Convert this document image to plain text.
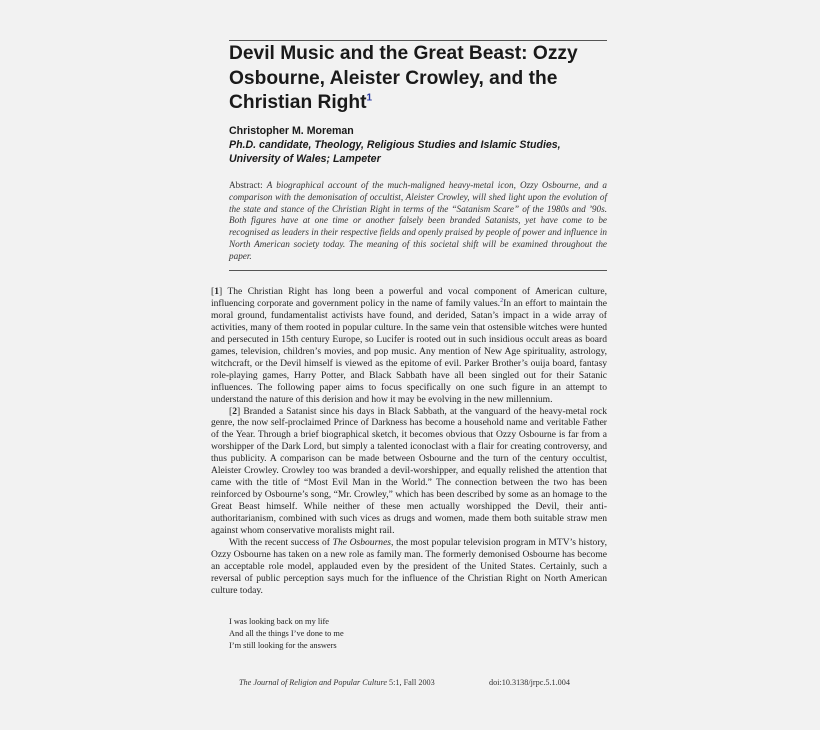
Devil Music and the Great Beast: Ozzy Osbourne, Aleister Crowley, and the Christian Right$^1$
Christopher M. Moreman
Ph.D. candidate, Theology, Religious Studies and Islamic Studies,
University of Wales; Lampeter
Abstract: A biographical account of the much-maligned heavy-metal icon, Ozzy Osbourne, and a comparison with the demonisation of occultist, Aleister Crowley, will shed light upon the evolution of the state and stance of the Christian Right in terms of the “Satanism Scare” of the 1980s and ’90s. Both figures have at one time or another falsely been branded Satanists, yet have come to be recognised as leaders in their respective fields and openly praised by people of power and influence in North American society today. The meaning of this societal shift will be examined throughout the paper.

[1] The Christian Right has long been a powerful and vocal component of American culture, influencing corporate and government policy in the name of family values.$^2$In an effort to maintain the moral ground, fundamentalist activists have found, and derided, Satan’s impact in a wide array of activities, many of them rooted in popular culture. In the same vein that ostensible witches were hunted and persecuted in 15th century Europe, so Lucifer is rooted out in such insidious occult areas as board games, television, children’s movies, and pop music. Any mention of New Age spirituality, astrology, witchcraft, or the Devil himself is viewed as the epitome of evil. Parker Brother’s ouija board, fantasy role-playing games, Harry Potter, and Black Sabbath have all been singled out for their Satanic influences. The following paper aims to focus specifically on one such figure in an attempt to understand the nature of this derision and how it may be evolving in the new millennium.

[2] Branded a Satanist since his days in Black Sabbath, at the vanguard of the heavy-metal rock genre, the now self-proclaimed Prince of Darkness has become a household name and veritable Father of the Year. Through a brief biographical sketch, it becomes obvious that Ozzy Osbourne is far from a worshipper of the Dark Lord, but simply a talented iconoclast with a flair for creating controversy, and thus publicity. A comparison can be made between Osbourne and the turn of the century occultist, Aleister Crowley. Crowley too was branded a devil-worshipper, and equally relished the attention that came with the title of “Most Evil Man in the World.” The connection between the two has been reinforced by Osbourne’s song, “Mr. Crowley,” which has been described by some as an homage to the Great Beast himself. While neither of these men actually worshipped the Devil, their anti-authoritarianism, combined with such vices as drugs and women, made them both suitable straw men against whom conservative moralists might rail.

With the recent success of The Osbournes, the most popular television program in MTV’s history, Ozzy Osbourne has taken on a new role as family man. The formerly demonised Osbourne has become an acceptable role model, applauded even by the president of the United States. Certainly, such a reversal of public perception says much for the influence of the Christian Right on North American culture today.

I was looking back on my life
And all the things I’ve done to me
I’m still looking for the answers
The Journal of Religion and Popular Culture 5:1, Fall 2003	doi:10.3138/jrpc.5.1.004
